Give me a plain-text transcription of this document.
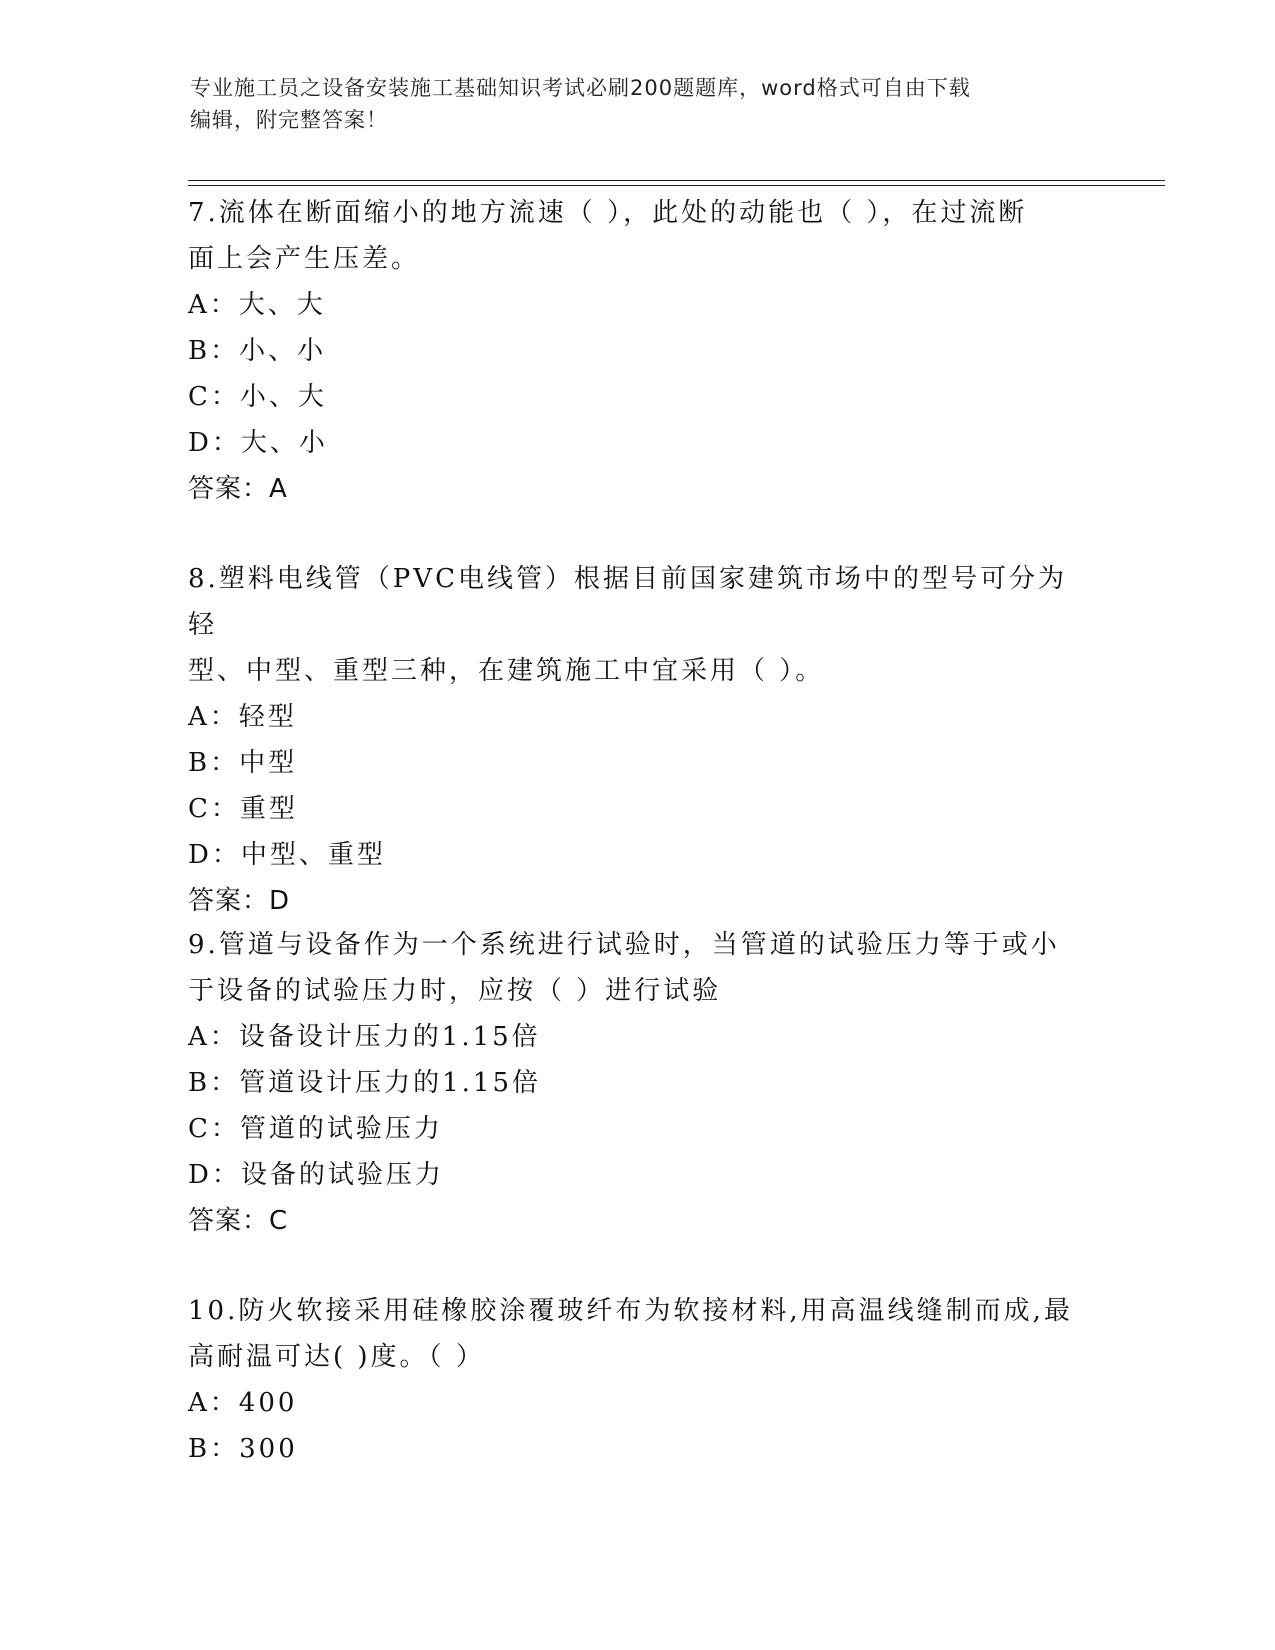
专业施工员之设备安装施工基础知识考试必刷200题题库，word格式可自由下载
编辑，附完整答案！

7.流体在断面缩小的地方流速（ ），此处的动能也（ ），在过流断

面上会产生压差。

A：大、大

B：小、小

C：小、大

D：大、小

答案：A

8.塑料电线管（PVC电线管）根据目前国家建筑市场中的型号可分为轻

型、中型、重型三种，在建筑施工中宜采用（ ）。

A：轻型

B：中型

C：重型

D：中型、重型

答案：D

9.管道与设备作为一个系统进行试验时，当管道的试验压力等于或小

于设备的试验压力时，应按（ ）进行试验

A：设备设计压力的1.15倍

B：管道设计压力的1.15倍

C：管道的试验压力

D：设备的试验压力

答案：C

10.防火软接采用硅橡胶涂覆玻纤布为软接材料,用高温线缝制而成,最

高耐温可达( )度。（ ）

A：400

B：300
